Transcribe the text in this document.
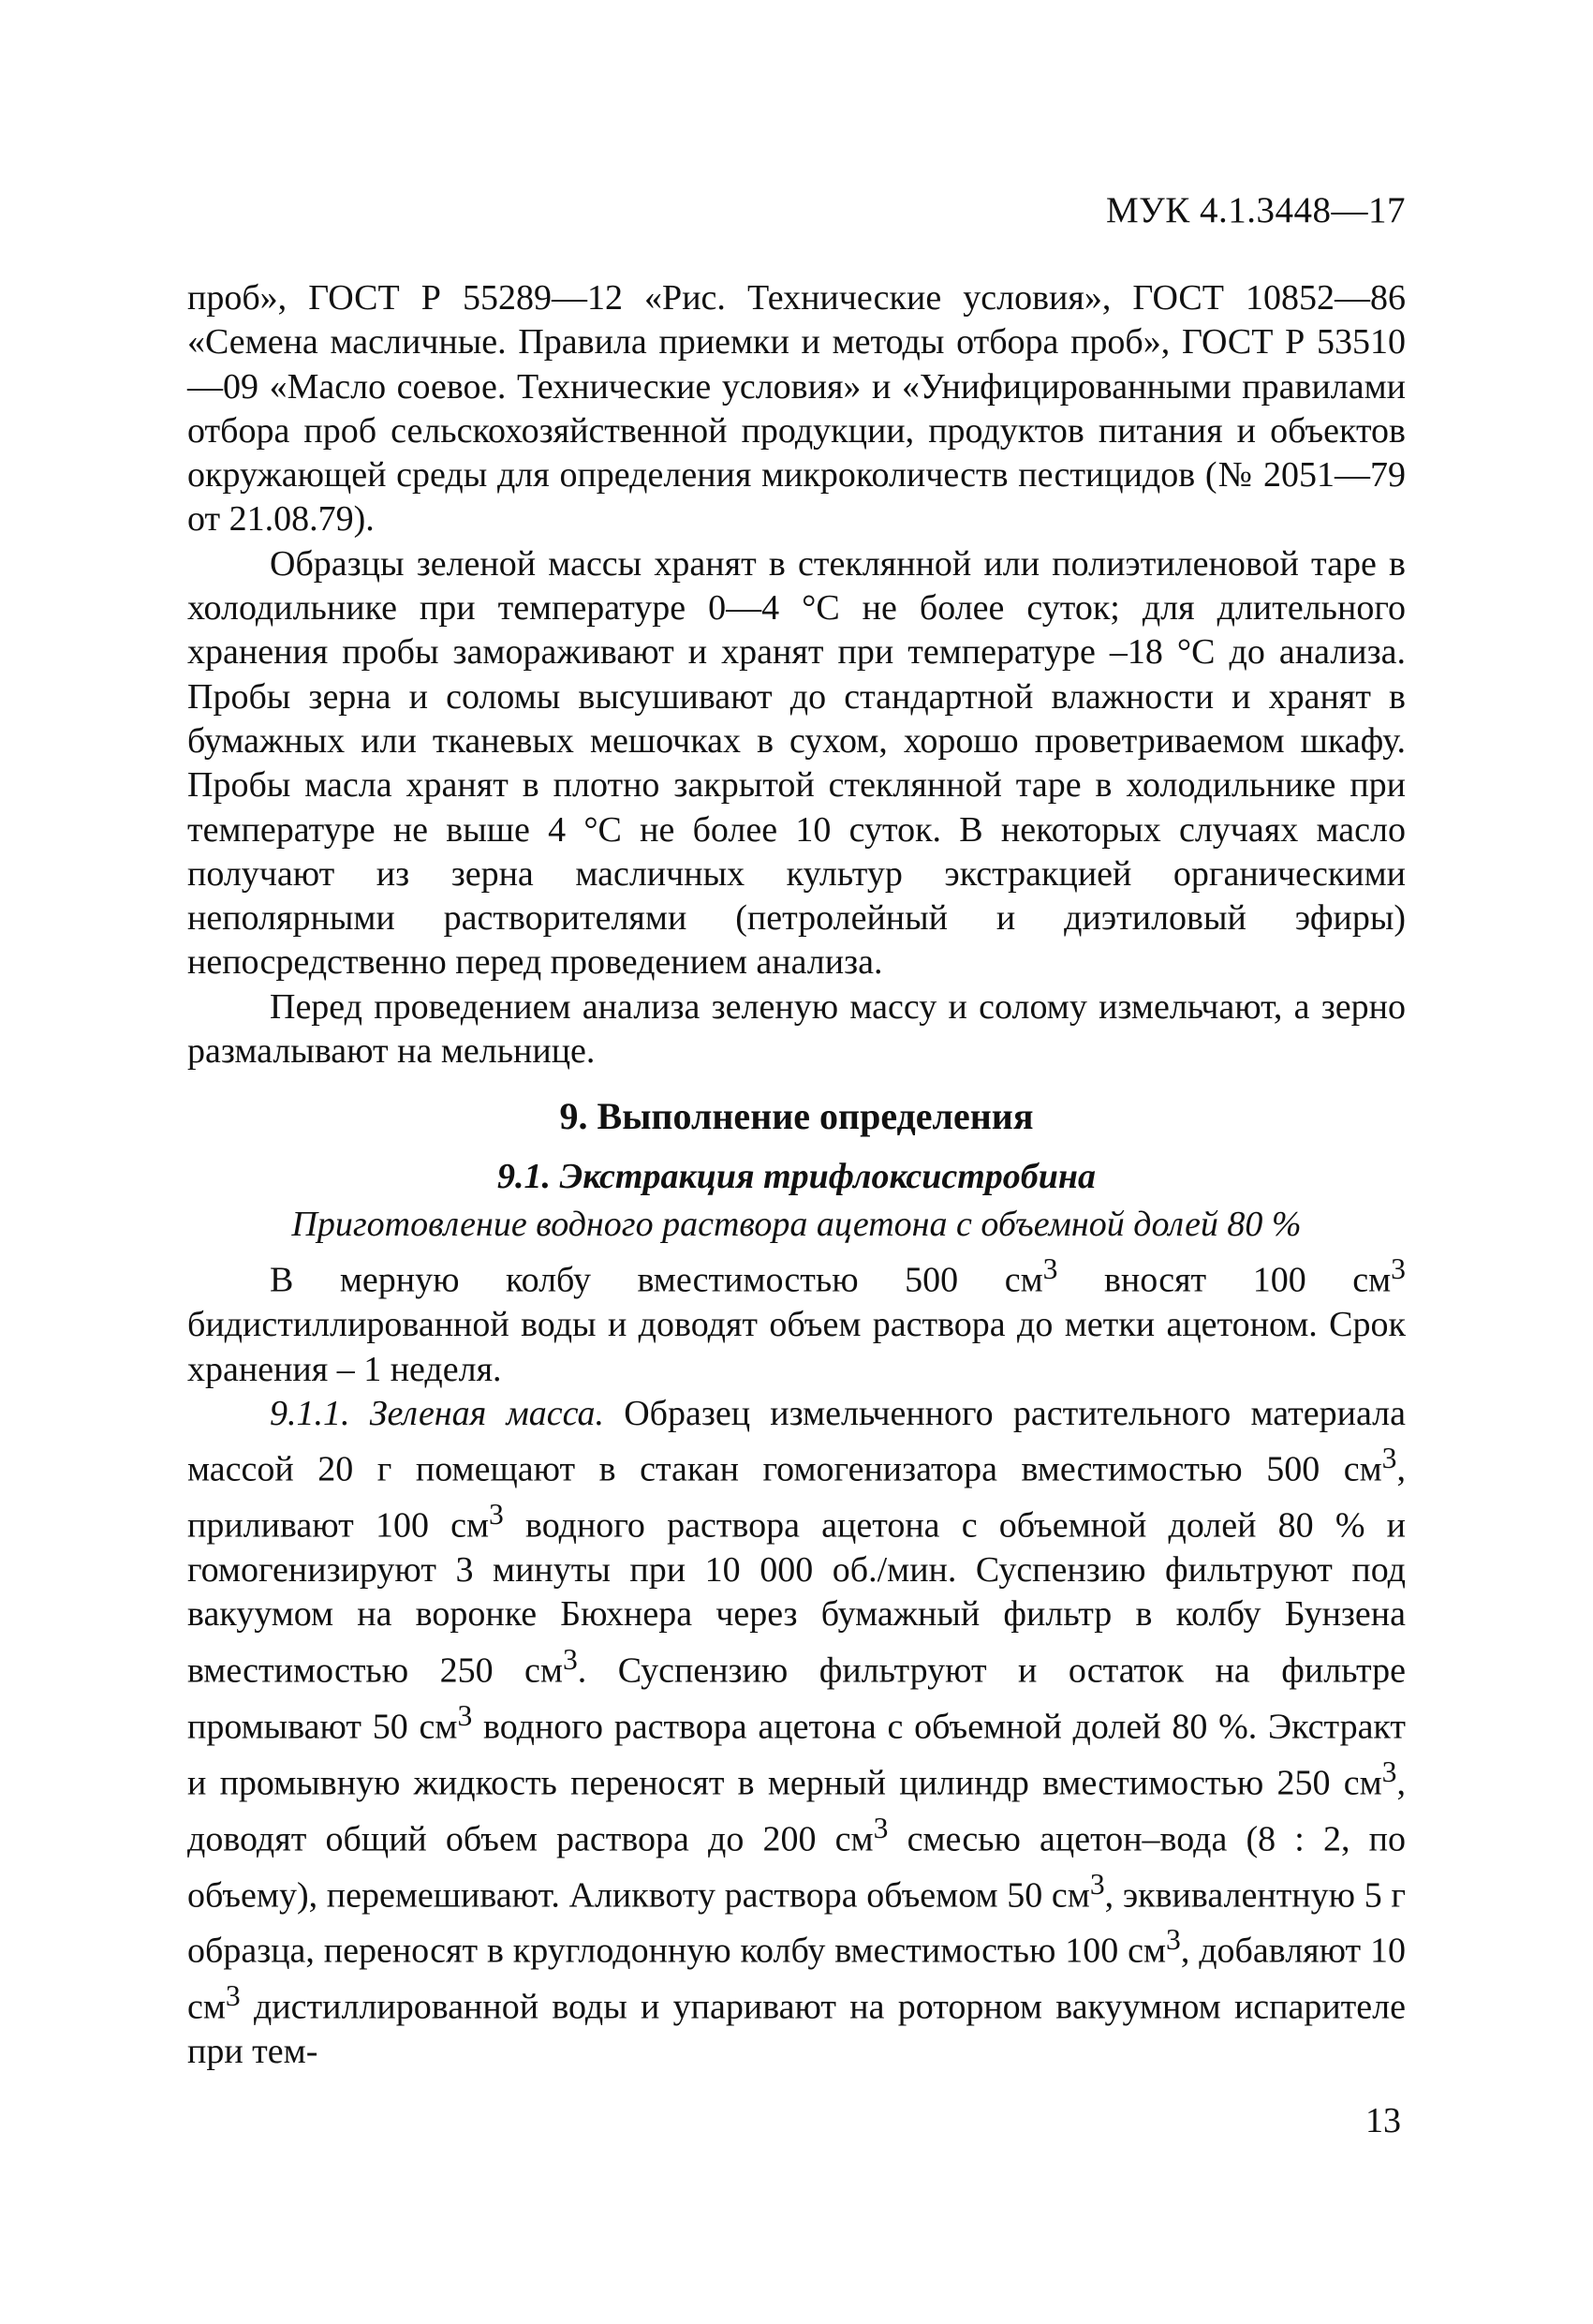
МУК 4.1.3448—17

проб», ГОСТ Р 55289—12 «Рис. Технические условия», ГОСТ 10852—86 «Семена масличные. Правила приемки и методы отбора проб», ГОСТ Р 53510—09 «Масло соевое. Технические условия» и «Унифицированными правилами отбора проб сельскохозяйственной продукции, продуктов питания и объектов окружающей среды для определения микроколичеств пестицидов (№ 2051—79 от 21.08.79).

Образцы зеленой массы хранят в стеклянной или полиэтиленовой таре в холодильнике при температуре 0—4 °С не более суток; для длительного хранения пробы замораживают и хранят при температуре –18 °С до анализа. Пробы зерна и соломы высушивают до стандартной влажности и хранят в бумажных или тканевых мешочках в сухом, хорошо проветриваемом шкафу. Пробы масла хранят в плотно закрытой стеклянной таре в холодильнике при температуре не выше 4 °С не более 10 суток. В некоторых случаях масло получают из зерна масличных культур экстракцией органическими неполярными растворителями (петролейный и диэтиловый эфиры) непосредственно перед проведением анализа.

Перед проведением анализа зеленую массу и солому измельчают, а зерно размалывают на мельнице.

9. Выполнение определения
9.1. Экстракция трифлоксистробина
Приготовление водного раствора ацетона с объемной долей 80 %

В мерную колбу вместимостью 500 $см^3$ вносят 100 $см^3$ бидистиллированной воды и доводят объем раствора до метки ацетоном. Срок хранения – 1 неделя.

9.1.1. Зеленая масса. Образец измельченного растительного материала массой 20 г помещают в стакан гомогенизатора вместимостью 500 $см^3$, приливают 100 $см^3$ водного раствора ацетона с объемной долей 80 % и гомогенизируют 3 минуты при 10 000 об./мин. Суспензию фильтруют под вакуумом на воронке Бюхнера через бумажный фильтр в колбу Бунзена вместимостью 250 $см^3$. Суспензию фильтруют и остаток на фильтре промывают 50 $см^3$ водного раствора ацетона с объемной долей 80 %. Экстракт и промывную жидкость переносят в мерный цилиндр вместимостью 250 $см^3$, доводят общий объем раствора до 200 $см^3$ смесью ацетон–вода (8 : 2, по объему), перемешивают. Аликвоту раствора объемом 50 $см^3$, эквивалентную 5 г образца, переносят в круглодонную колбу вместимостью 100 $см^3$, добавляют 10 $см^3$ дистиллированной воды и упаривают на роторном вакуумном испарителе при тем-

13
